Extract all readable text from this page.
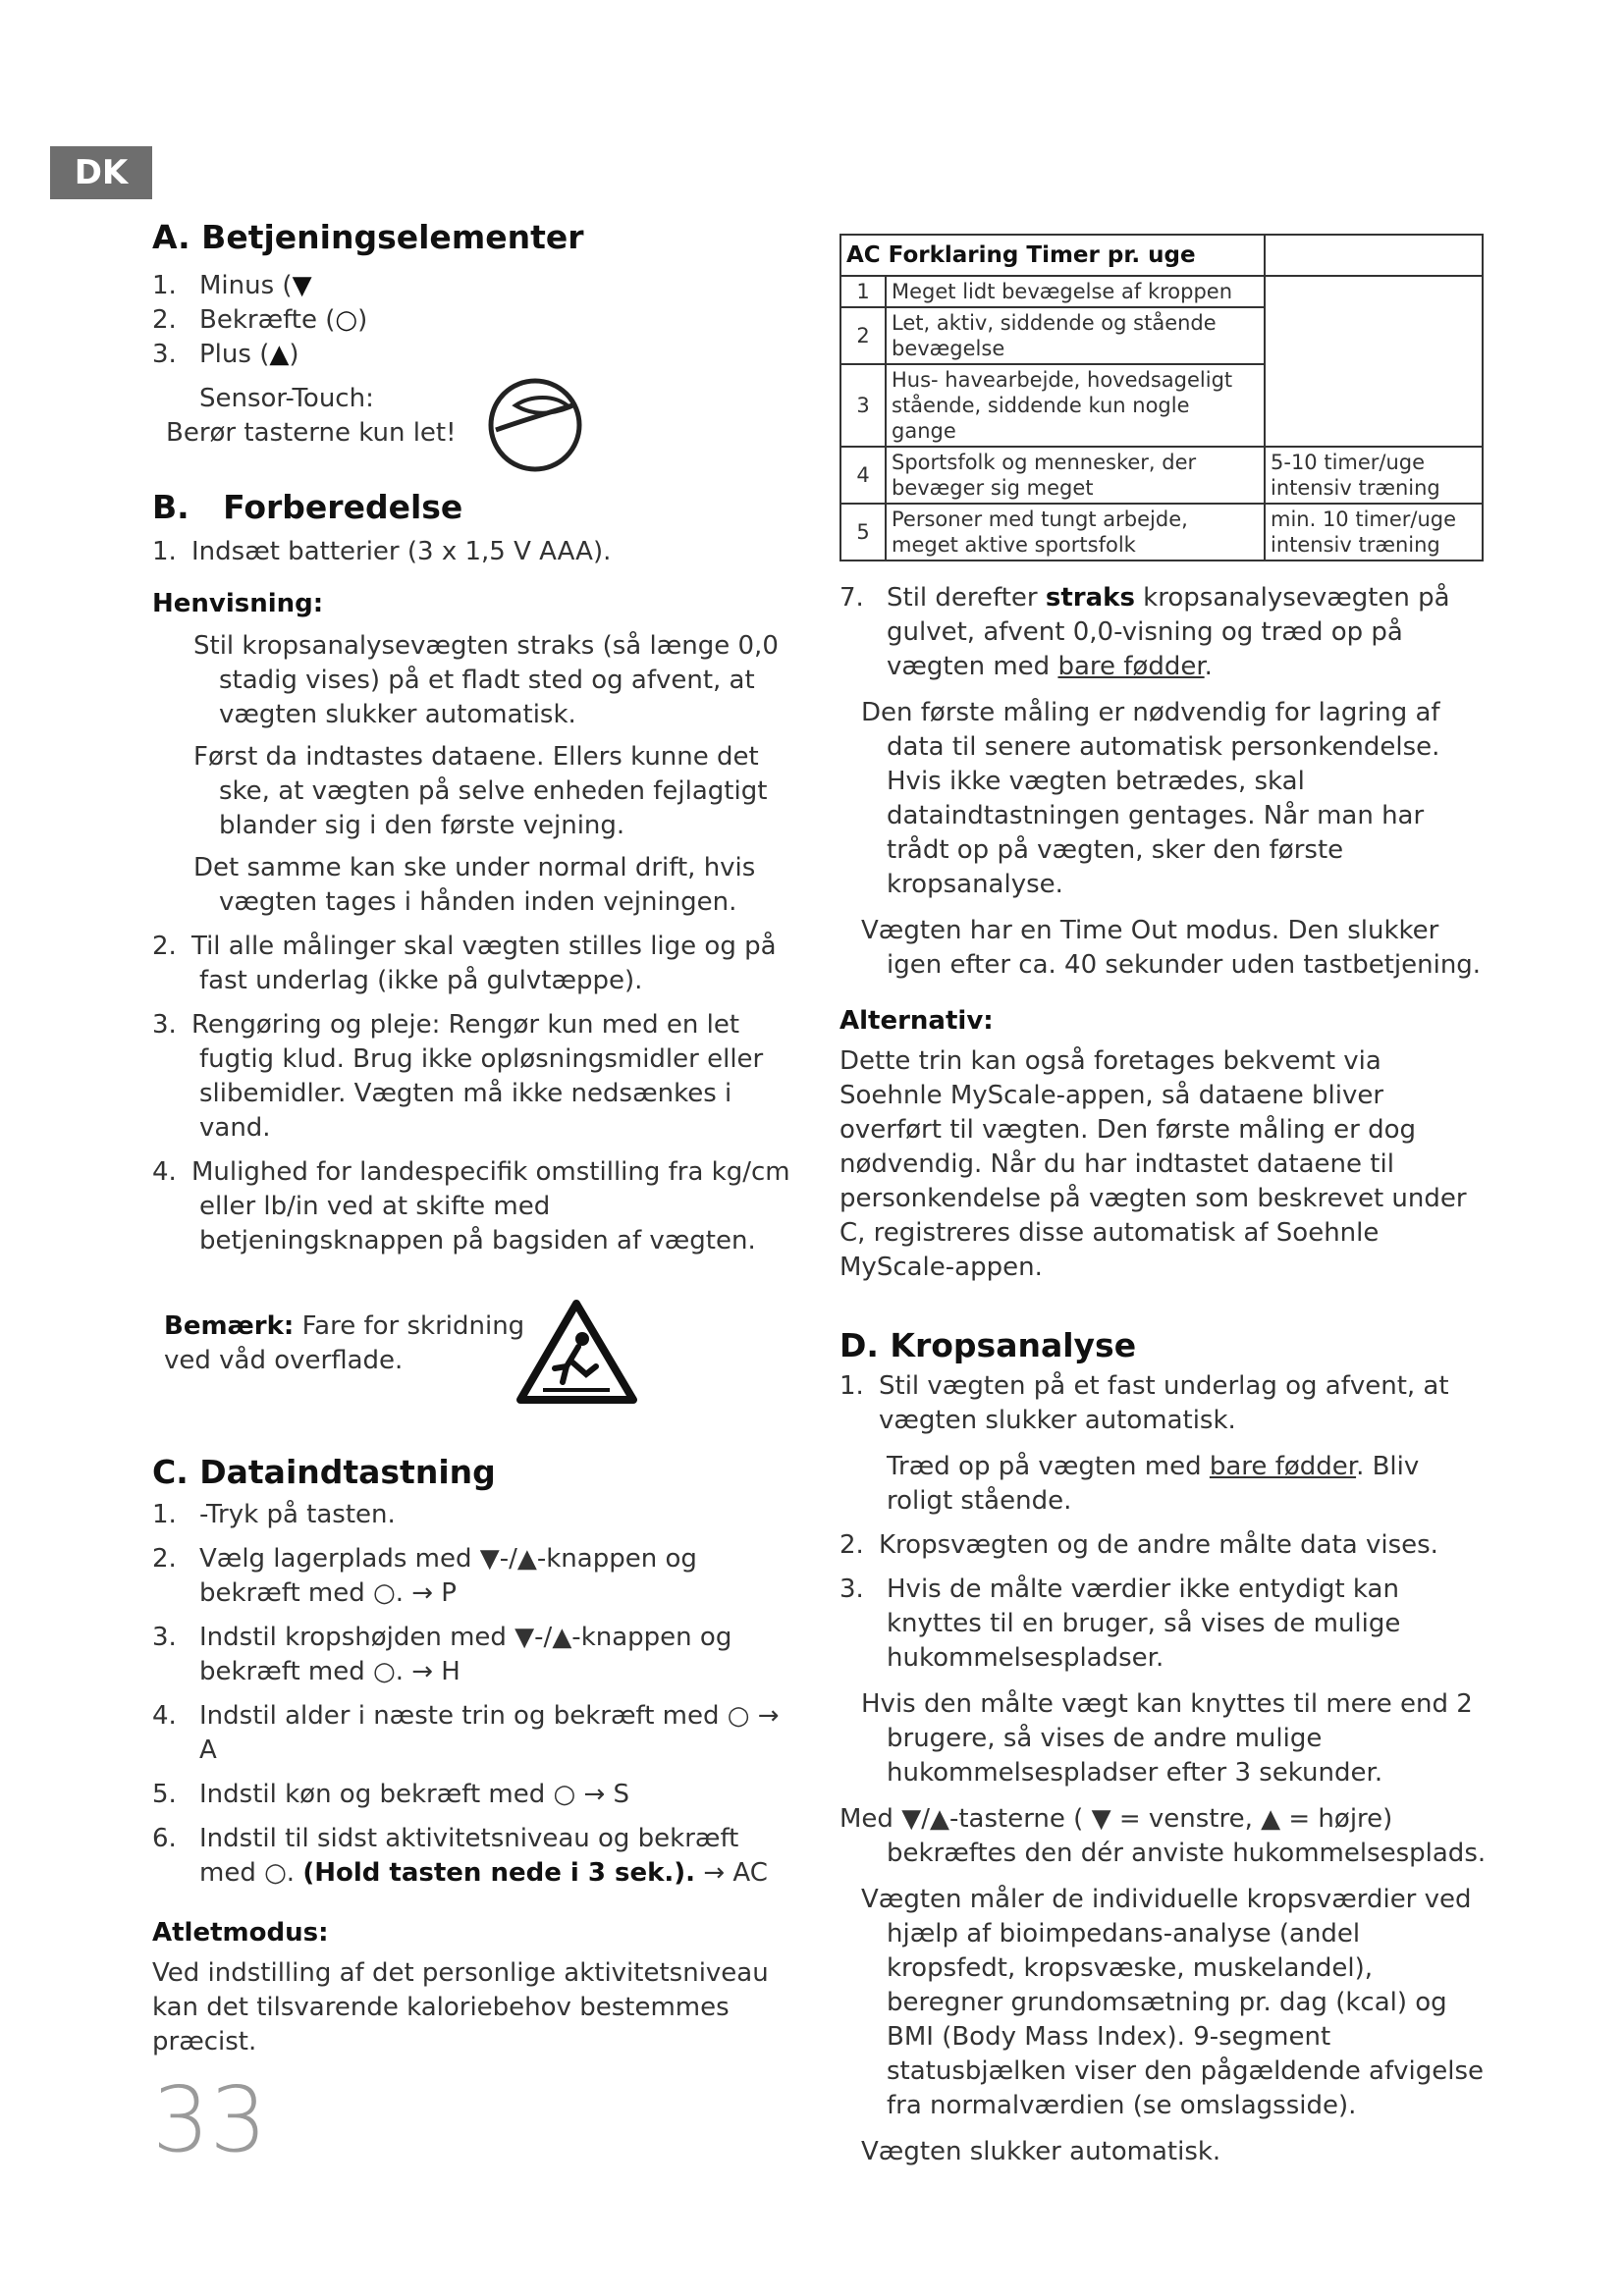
DK
A. Betjeningselementer
1. Minus (▼
2. Bekræfte (○)
3. Plus (▲)
Sensor-Touch:
Berør tasterne kun let!
B.   Forberedelse
1. Indsæt batterier (3 x 1,5 V AAA).

Henvisning:

Stil kropsanalysevægten straks (så længe 0,0 stadig vises) på et fladt sted og afvent, at vægten slukker automatisk.

Først da indtastes dataene. Ellers kunne det ske, at vægten på selve enheden fejlagtigt blander sig i den første vejning.

Det samme kan ske under normal drift, hvis vægten tages i hånden inden vejningen.

2. Til alle målinger skal vægten stilles lige og på fast underlag (ikke på gulvtæppe).
3. Rengøring og pleje: Rengør kun med en let fugtig klud. Brug ikke opløsningsmidler eller slibemidler. Vægten må ikke nedsænkes i vand.
4. Mulighed for landespecifik omstilling fra kg/cm eller lb/in ved at skifte med betjeningsknappen på bagsiden af vægten.
Bemærk: Fare for skridning
ved våd overflade.
C. Dataindtastning
1. -Tryk på tasten.
2. Vælg lagerplads med ▼-/▲-knappen og bekræft med ○. → P
3. Indstil kropshøjden med ▼-/▲-knappen og bekræft med ○. → H
4. Indstil alder i næste trin og bekræft med ○ → A
5. Indstil køn og bekræft med ○ → S
6. Indstil til sidst aktivitetsniveau og bekræft med ○. (Hold tasten nede i 3 sek.). → AC

Atletmodus:

Ved indstilling af det personlige aktivitetsniveau kan det tilsvarende kaloriebehov bestemmes præcist.

AC Forklaring Timer pr. uge		
1	Meget lidt bevægelse af kroppen	
2	Let, aktiv, siddende og stående bevægelse	
3	Hus- havearbejde, hovedsageligt stående, siddende kun nogle gange	
4	Sportsfolk og mennesker, der bevæger sig meget	5-10 timer/uge intensiv træning
5	Personer med tungt arbejde, meget aktive sportsfolk	min. 10 timer/uge intensiv træning
7. Stil derefter straks kropsanalysevægten på gulvet, afvent 0,0-visning og træd op på vægten med bare fødder.

Den første måling er nødvendig for lagring af data til senere automatisk personkendelse. Hvis ikke vægten betrædes, skal dataindtastningen gentages. Når man har trådt op på vægten, sker den første kropsanalyse.

Vægten har en Time Out modus. Den slukker igen efter ca. 40 sekunder uden tastbetjening.

Alternativ:

Dette trin kan også foretages bekvemt via Soehnle MyScale-appen, så dataene bliver overført til vægten. Den første måling er dog nødvendig. Når du har indtastet dataene til personkendelse på vægten som beskrevet under C, registreres disse automatisk af Soehnle MyScale-appen.

D. Kropsanalyse
1. Stil vægten på et fast underlag og afvent, at vægten slukker automatisk.

Træd op på vægten med bare fødder. Bliv roligt stående.

2. Kropsvægten og de andre målte data vises.
3. Hvis de målte værdier ikke entydigt kan knyttes til en bruger, så vises de mulige hukommelsespladser.

Hvis den målte vægt kan knyttes til mere end 2 brugere, så vises de andre mulige hukommelsespladser efter 3 sekunder.

Med ▼/▲-tasterne ( ▼ = venstre, ▲ = højre) bekræftes den dér anviste hukommelsesplads.

Vægten måler de individuelle kropsværdier ved hjælp af bioimpedans-analyse (andel kropsfedt, kropsvæske, muskelandel), beregner grundomsætning pr. dag (kcal) og BMI (Body Mass Index). 9-segment statusbjælken viser den pågældende afvigelse fra normalværdien (se omslagsside).

Vægten slukker automatisk.

33
